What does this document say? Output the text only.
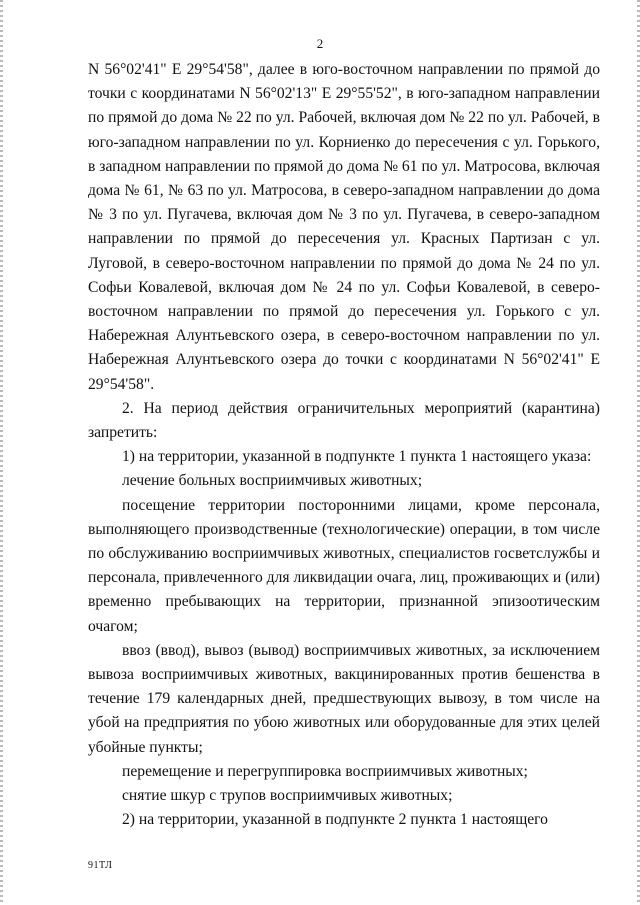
2

N 56°02'41" E 29°54'58", далее в юго-восточном направлении по прямой до точки с координатами N 56°02'13" E 29°55'52", в юго-западном направлении по прямой до дома № 22 по ул. Рабочей, включая дом № 22 по ул. Рабочей, в юго-западном направлении по ул. Корниенко до пересечения с ул. Горького, в западном направлении по прямой до дома № 61 по ул. Матросова, включая дома № 61, № 63 по ул. Матросова, в северо-западном направлении до дома № 3 по ул. Пугачева, включая дом № 3 по ул. Пугачева, в северо-западном направлении по прямой до пересечения ул. Красных Партизан с ул. Луговой, в северо-восточном направлении по прямой до дома № 24 по ул. Софьи Ковалевой, включая дом № 24 по ул. Софьи Ковалевой, в северо-восточном направлении по прямой до пересечения ул. Горького с ул. Набережная Алунтьевского озера, в северо-восточном направлении по ул. Набережная Алунтьевского озера до точки с координатами N 56°02'41" E 29°54'58".

2. На период действия ограничительных мероприятий (карантина) запретить:

1) на территории, указанной в подпункте 1 пункта 1 настоящего указа:

лечение больных восприимчивых животных;

посещение территории посторонними лицами, кроме персонала, выполняющего производственные (технологические) операции, в том числе по обслуживанию восприимчивых животных, специалистов госветслужбы и персонала, привлеченного для ликвидации очага, лиц, проживающих и (или) временно пребывающих на территории, признанной эпизоотическим очагом;

ввоз (ввод), вывоз (вывод) восприимчивых животных, за исключением вывоза восприимчивых животных, вакцинированных против бешенства в течение 179 календарных дней, предшествующих вывозу, в том числе на убой на предприятия по убою животных или оборудованные для этих целей убойные пункты;

перемещение и перегруппировка восприимчивых животных;

снятие шкур с трупов восприимчивых животных;

2) на территории, указанной в подпункте 2 пункта 1 настоящего

91ТЛ
